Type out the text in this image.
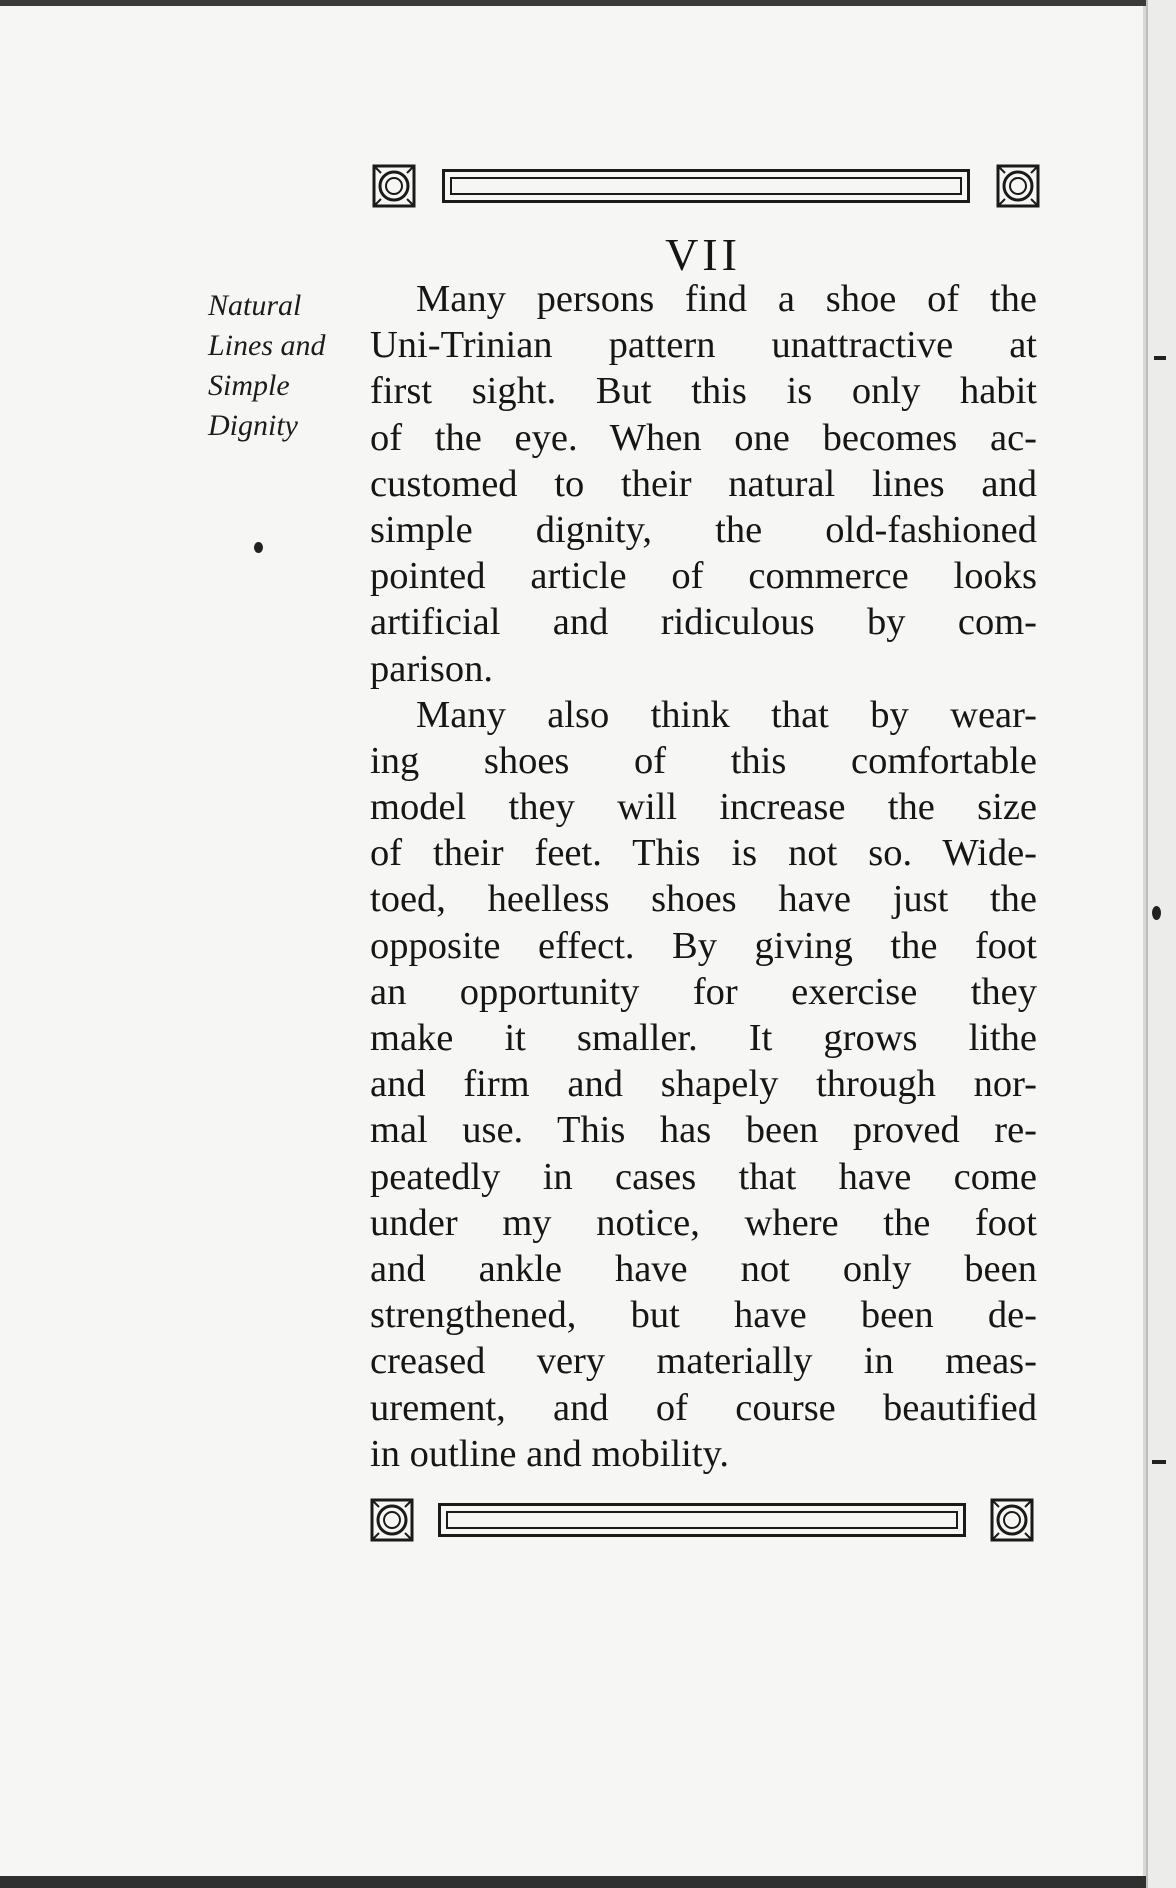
VII
Natural
Lines and
Simple
Dignity
Many persons find a shoe of the
Uni-Trinian pattern unattractive at
first sight. But this is only habit
of the eye. When one becomes ac-
customed to their natural lines and
simple dignity, the old-fashioned
pointed article of commerce looks
artificial and ridiculous by com-
parison.
Many also think that by wear-
ing shoes of this comfortable
model they will increase the size
of their feet. This is not so. Wide-
toed, heelless shoes have just the
opposite effect. By giving the foot
an opportunity for exercise they
make it smaller. It grows lithe
and firm and shapely through nor-
mal use. This has been proved re-
peatedly in cases that have come
under my notice, where the foot
and ankle have not only been
strengthened, but have been de-
creased very materially in meas-
urement, and of course beautified
in outline and mobility.
